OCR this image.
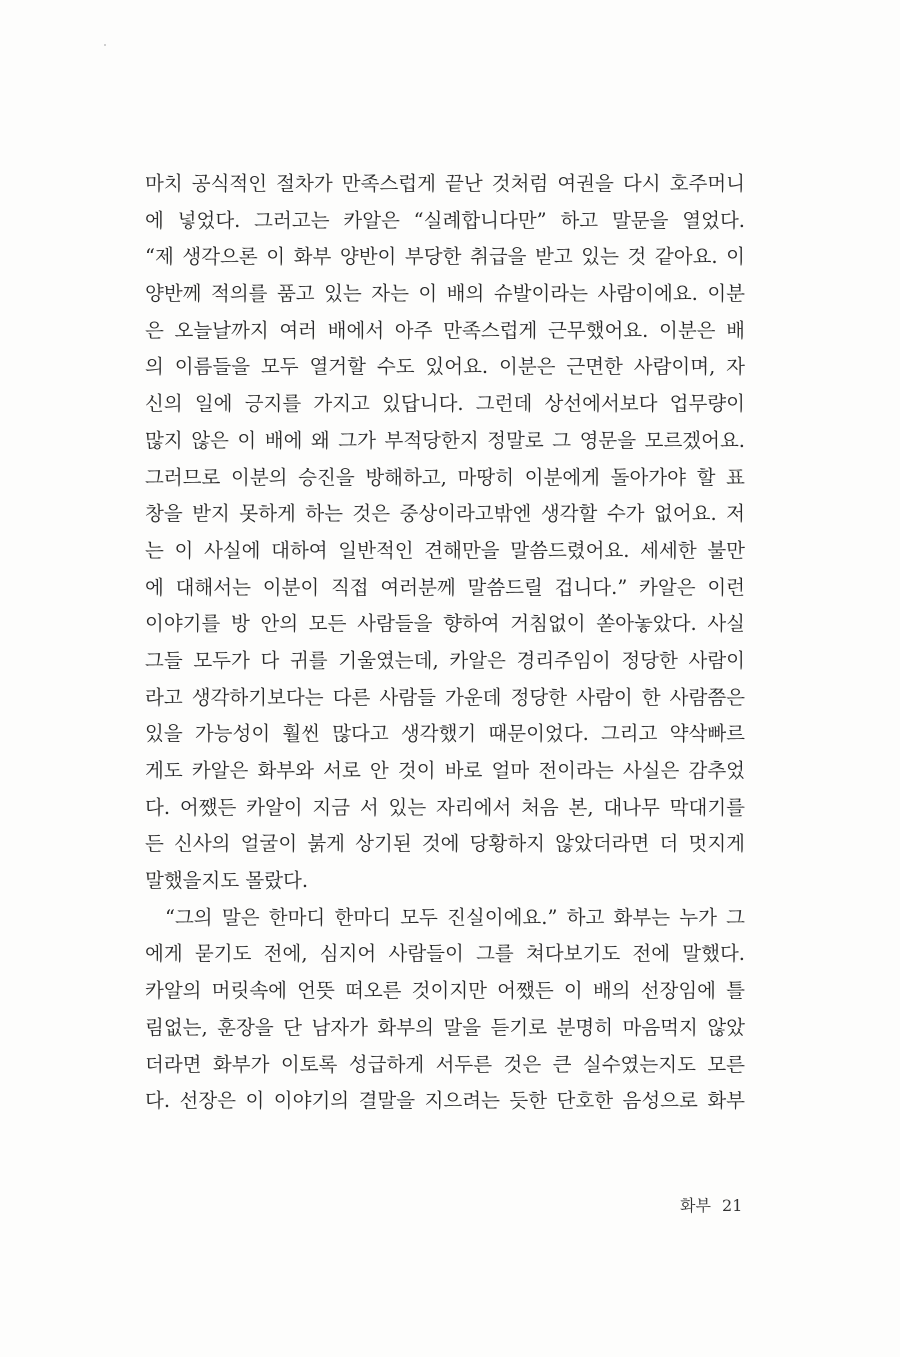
마치 공식적인 절차가 만족스럽게 끝난 것처럼 여권을 다시 호주머니
에 넣었다. 그러고는 카알은 “실례합니다만” 하고 말문을 열었다.
“제 생각으론 이 화부 양반이 부당한 취급을 받고 있는 것 같아요. 이
양반께 적의를 품고 있는 자는 이 배의 슈발이라는 사람이에요. 이분
은 오늘날까지 여러 배에서 아주 만족스럽게 근무했어요. 이분은 배
의 이름들을 모두 열거할 수도 있어요. 이분은 근면한 사람이며, 자
신의 일에 긍지를 가지고 있답니다. 그런데 상선에서보다 업무량이
많지 않은 이 배에 왜 그가 부적당한지 정말로 그 영문을 모르겠어요.
그러므로 이분의 승진을 방해하고, 마땅히 이분에게 돌아가야 할 표
창을 받지 못하게 하는 것은 중상이라고밖엔 생각할 수가 없어요. 저
는 이 사실에 대하여 일반적인 견해만을 말씀드렸어요. 세세한 불만
에 대해서는 이분이 직접 여러분께 말씀드릴 겁니다.” 카알은 이런
이야기를 방 안의 모든 사람들을 향하여 거침없이 쏟아놓았다. 사실
그들 모두가 다 귀를 기울였는데, 카알은 경리주임이 정당한 사람이
라고 생각하기보다는 다른 사람들 가운데 정당한 사람이 한 사람쯤은
있을 가능성이 훨씬 많다고 생각했기 때문이었다. 그리고 약삭빠르
게도 카알은 화부와 서로 안 것이 바로 얼마 전이라는 사실은 감추었
다. 어쨌든 카알이 지금 서 있는 자리에서 처음 본, 대나무 막대기를
든 신사의 얼굴이 붉게 상기된 것에 당황하지 않았더라면 더 멋지게
말했을지도 몰랐다.
“그의 말은 한마디 한마디 모두 진실이에요.” 하고 화부는 누가 그
에게 묻기도 전에, 심지어 사람들이 그를 쳐다보기도 전에 말했다.
카알의 머릿속에 언뜻 떠오른 것이지만 어쨌든 이 배의 선장임에 틀
림없는, 훈장을 단 남자가 화부의 말을 듣기로 분명히 마음먹지 않았
더라면 화부가 이토록 성급하게 서두른 것은 큰 실수였는지도 모른
다. 선장은 이 이야기의 결말을 지으려는 듯한 단호한 음성으로 화부
화부 21
